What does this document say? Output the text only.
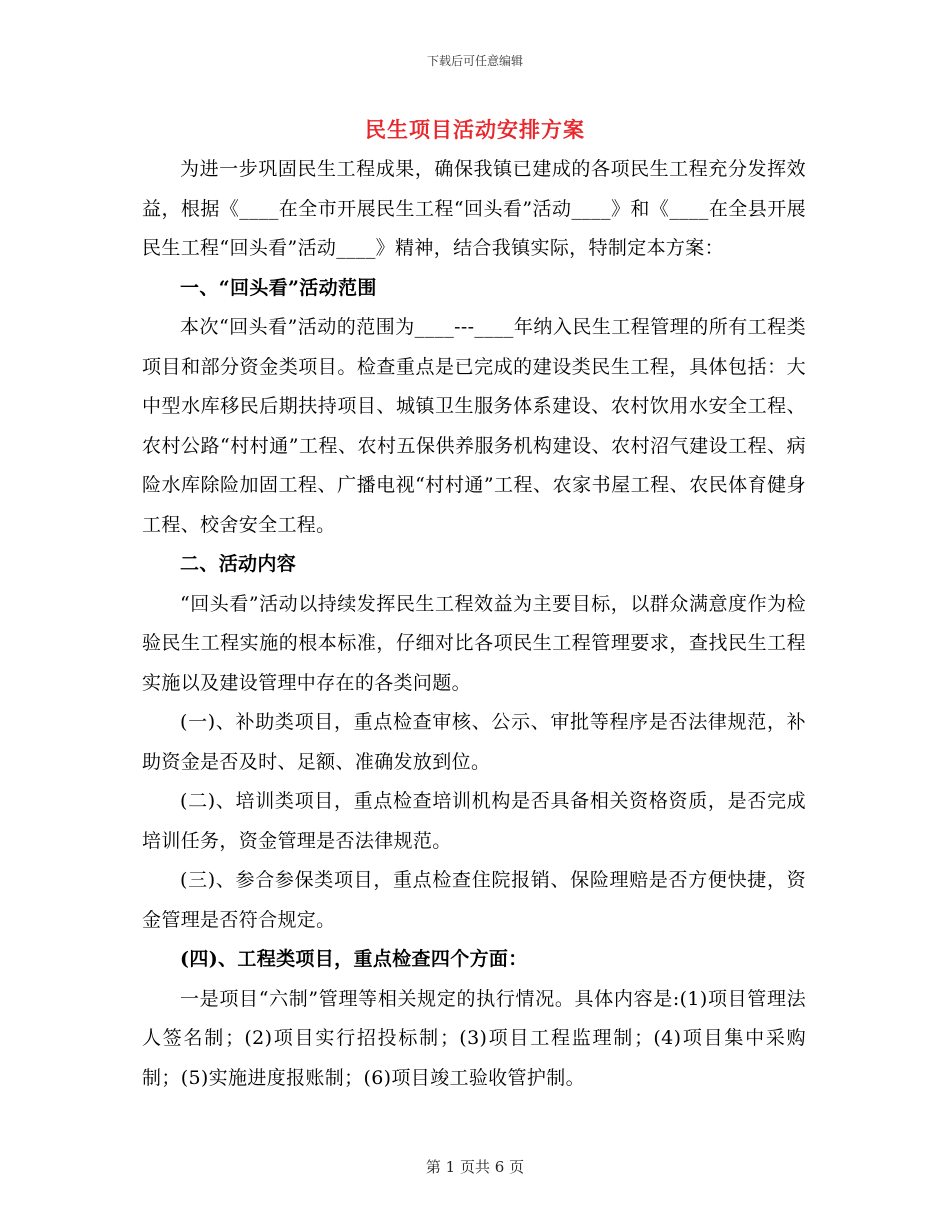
下载后可任意编辑
民生项目活动安排方案

为进一步巩固民生工程成果，确保我镇已建成的各项民生工程充分发挥效益，根据《____在全市开展民生工程“回头看”活动____》和《____在全县开展民生工程“回头看”活动____》精神，结合我镇实际，特制定本方案：

一、“回头看”活动范围

本次“回头看”活动的范围为____---____年纳入民生工程管理的所有工程类项目和部分资金类项目。检查重点是已完成的建设类民生工程，具体包括：大中型水库移民后期扶持项目、城镇卫生服务体系建设、农村饮用水安全工程、农村公路“村村通”工程、农村五保供养服务机构建设、农村沼气建设工程、病险水库除险加固工程、广播电视“村村通”工程、农家书屋工程、农民体育健身工程、校舍安全工程。

二、活动内容

“回头看”活动以持续发挥民生工程效益为主要目标，以群众满意度作为检验民生工程实施的根本标准，仔细对比各项民生工程管理要求，查找民生工程实施以及建设管理中存在的各类问题。

(一)、补助类项目，重点检查审核、公示、审批等程序是否法律规范，补助资金是否及时、足额、准确发放到位。

(二)、培训类项目，重点检查培训机构是否具备相关资格资质，是否完成培训任务，资金管理是否法律规范。

(三)、参合参保类项目，重点检查住院报销、保险理赔是否方便快捷，资金管理是否符合规定。

(四)、工程类项目，重点检查四个方面：

一是项目“六制”管理等相关规定的执行情况。具体内容是:(1)项目管理法人签名制；(2)项目实行招投标制；(3)项目工程监理制；(4)项目集中采购制；(5)实施进度报账制；(6)项目竣工验收管护制。

第 1 页共 6 页
